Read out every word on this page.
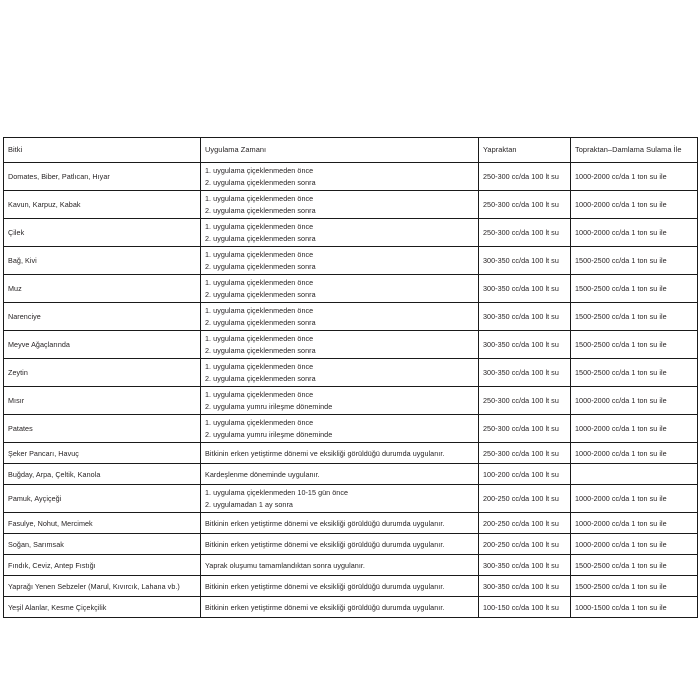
Bitki	Uygulama Zamanı	Yapraktan	Topraktan–Damlama Sulama İle
Domates, Biber, Patlıcan, Hıyar	1. uygulama çiçeklenmeden önce
2. uygulama çiçeklenmeden sonra	250-300 cc/da 100 lt su	1000-2000 cc/da 1 ton su ile
Kavun, Karpuz, Kabak	1. uygulama çiçeklenmeden önce
2. uygulama çiçeklenmeden sonra	250-300 cc/da 100 lt su	1000-2000 cc/da 1 ton su ile
Çilek	1. uygulama çiçeklenmeden önce
2. uygulama çiçeklenmeden sonra	250-300 cc/da 100 lt su	1000-2000 cc/da 1 ton su ile
Bağ, Kivi	1. uygulama çiçeklenmeden önce
2. uygulama çiçeklenmeden sonra	300-350 cc/da 100 lt su	1500-2500 cc/da 1 ton su ile
Muz	1. uygulama çiçeklenmeden önce
2. uygulama çiçeklenmeden sonra	300-350 cc/da 100 lt su	1500-2500 cc/da 1 ton su ile
Narenciye	1. uygulama çiçeklenmeden önce
2. uygulama çiçeklenmeden sonra	300-350 cc/da 100 lt su	1500-2500 cc/da 1 ton su ile
Meyve Ağaçlarında	1. uygulama çiçeklenmeden önce
2. uygulama çiçeklenmeden sonra	300-350 cc/da 100 lt su	1500-2500 cc/da 1 ton su ile
Zeytin	1. uygulama çiçeklenmeden önce
2. uygulama çiçeklenmeden sonra	300-350 cc/da 100 lt su	1500-2500 cc/da 1 ton su ile
Mısır	1. uygulama çiçeklenmeden önce
2. uygulama yumru irileşme döneminde	250-300 cc/da 100 lt su	1000-2000 cc/da 1 ton su ile
Patates	1. uygulama çiçeklenmeden önce
2. uygulama yumru irileşme döneminde	250-300 cc/da 100 lt su	1000-2000 cc/da 1 ton su ile
Şeker Pancarı, Havuç	Bitkinin erken yetiştirme dönemi ve eksikliği görüldüğü durumda uygulanır.	250-300 cc/da 100 lt su	1000-2000 cc/da 1 ton su ile
Buğday, Arpa, Çeltik, Kanola	Kardeşlenme döneminde uygulanır.	100-200 cc/da 100 lt su	
Pamuk, Ayçiçeği	1. uygulama çiçeklenmeden 10-15 gün önce
2. uygulamadan 1 ay sonra	200-250 cc/da 100 lt su	1000-2000 cc/da 1 ton su ile
Fasulye, Nohut, Mercimek	Bitkinin erken yetiştirme dönemi ve eksikliği görüldüğü durumda uygulanır.	200-250 cc/da 100 lt su	1000-2000 cc/da 1 ton su ile
Soğan, Sarımsak	Bitkinin erken yetiştirme dönemi ve eksikliği görüldüğü durumda uygulanır.	200-250 cc/da 100 lt su	1000-2000 cc/da 1 ton su ile
Fındık, Ceviz, Antep Fıstığı	Yaprak oluşumu tamamlandıktan sonra uygulanır.	300-350 cc/da 100 lt su	1500-2500 cc/da 1 ton su ile
Yaprağı Yenen Sebzeler (Marul, Kıvırcık, Lahana vb.)	Bitkinin erken yetiştirme dönemi ve eksikliği görüldüğü durumda uygulanır.	300-350 cc/da 100 lt su	1500-2500 cc/da 1 ton su ile
Yeşil Alanlar, Kesme Çiçekçilik	Bitkinin erken yetiştirme dönemi ve eksikliği görüldüğü durumda uygulanır.	100-150 cc/da 100 lt su	1000-1500 cc/da 1 ton su ile
